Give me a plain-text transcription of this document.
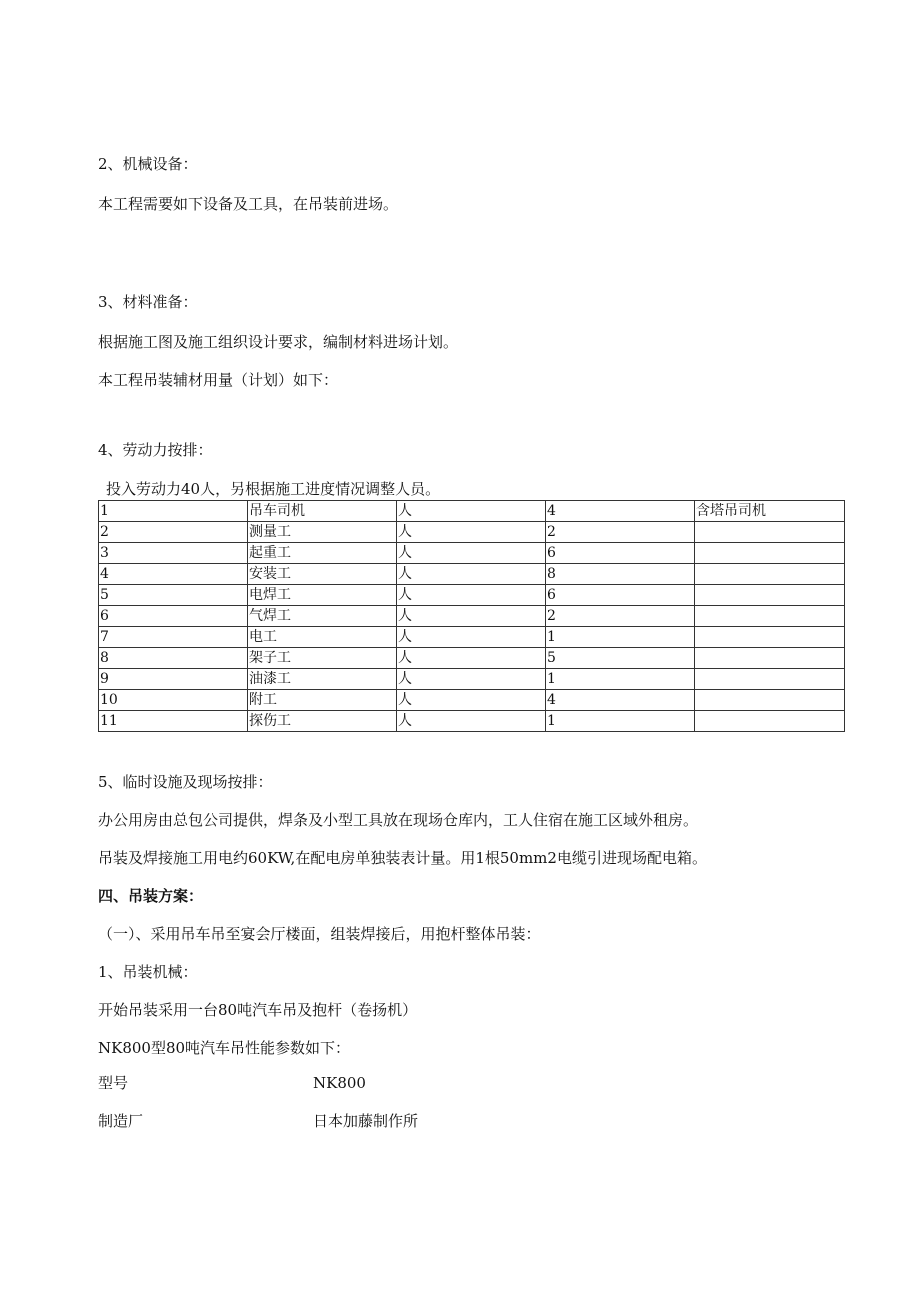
2、机械设备：

本工程需要如下设备及工具，在吊装前进场。

3、材料准备：

根据施工图及施工组织设计要求，编制材料进场计划。

本工程吊装辅材用量（计划）如下：

4、劳动力按排：

投入劳动力40人，另根据施工进度情况调整人员。

1	吊车司机	人	4	含塔吊司机
2	测量工	人	2	
3	起重工	人	6	
4	安装工	人	8	
5	电焊工	人	6	
6	气焊工	人	2	
7	电工	人	1	
8	架子工	人	5	
9	油漆工	人	1	
10	附工	人	4	
11	探伤工	人	1	

5、临时设施及现场按排：

办公用房由总包公司提供，焊条及小型工具放在现场仓库内，工人住宿在施工区域外租房。

吊装及焊接施工用电约60KW,在配电房单独装表计量。用1根50mm2电缆引进现场配电箱。

四、吊装方案：

（一）、采用吊车吊至宴会厅楼面，组装焊接后，用抱杆整体吊装：

1、吊装机械：

开始吊装采用一台80吨汽车吊及抱杆（卷扬机）

NK800型80吨汽车吊性能参数如下：

型号	NK800

制造厂	日本加藤制作所
